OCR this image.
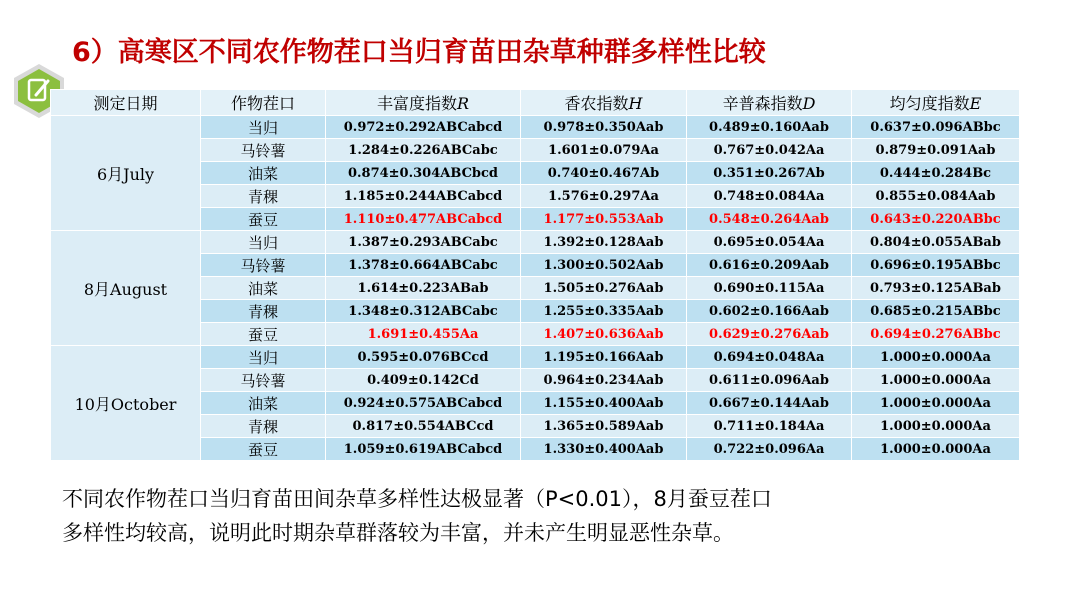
6）高寒区不同农作物茬口当归育苗田杂草种群多样性比较
测定日期	作物茬口	丰富度指数R	香农指数H	辛普森指数D	均匀度指数E
6月July	当归	0.972±0.292ABCabcd	0.978±0.350Aab	0.489±0.160Aab	0.637±0.096ABbc
	马铃薯	1.284±0.226ABCabc	1.601±0.079Aa	0.767±0.042Aa	0.879±0.091Aab
	油菜	0.874±0.304ABCbcd	0.740±0.467Ab	0.351±0.267Ab	0.444±0.284Bc
	青稞	1.185±0.244ABCabcd	1.576±0.297Aa	0.748±0.084Aa	0.855±0.084Aab
	蚕豆	1.110±0.477ABCabcd	1.177±0.553Aab	0.548±0.264Aab	0.643±0.220ABbc
8月August	当归	1.387±0.293ABCabc	1.392±0.128Aab	0.695±0.054Aa	0.804±0.055ABab
	马铃薯	1.378±0.664ABCabc	1.300±0.502Aab	0.616±0.209Aab	0.696±0.195ABbc
	油菜	1.614±0.223ABab	1.505±0.276Aab	0.690±0.115Aa	0.793±0.125ABab
	青稞	1.348±0.312ABCabc	1.255±0.335Aab	0.602±0.166Aab	0.685±0.215ABbc
	蚕豆	1.691±0.455Aa	1.407±0.636Aab	0.629±0.276Aab	0.694±0.276ABbc
10月October	当归	0.595±0.076BCcd	1.195±0.166Aab	0.694±0.048Aa	1.000±0.000Aa
	马铃薯	0.409±0.142Cd	0.964±0.234Aab	0.611±0.096Aab	1.000±0.000Aa
	油菜	0.924±0.575ABCabcd	1.155±0.400Aab	0.667±0.144Aab	1.000±0.000Aa
	青稞	0.817±0.554ABCcd	1.365±0.589Aab	0.711±0.184Aa	1.000±0.000Aa
	蚕豆	1.059±0.619ABCabcd	1.330±0.400Aab	0.722±0.096Aa	1.000±0.000Aa
不同农作物茬口当归育苗田间杂草多样性达极显著（P<0.01），8月蚕豆茬口
多样性均较高，说明此时期杂草群落较为丰富，并未产生明显恶性杂草。
